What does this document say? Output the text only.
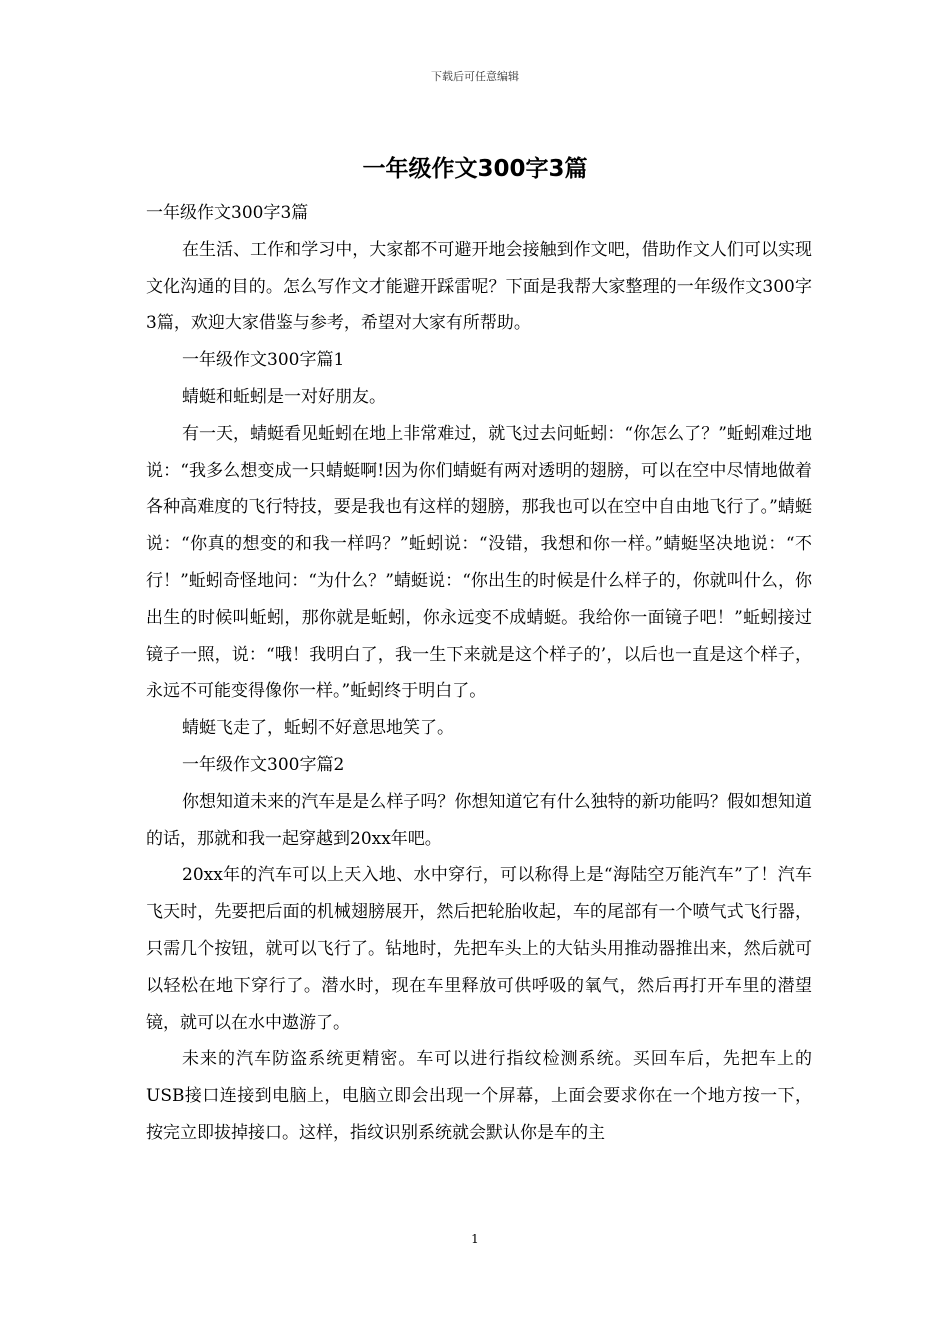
下载后可任意编辑
一年级作文300字3篇

一年级作文300字3篇

在生活、工作和学习中，大家都不可避开地会接触到作文吧，借助作文人们可以实现文化沟通的目的。怎么写作文才能避开踩雷呢？下面是我帮大家整理的一年级作文300字3篇，欢迎大家借鉴与参考，希望对大家有所帮助。

一年级作文300字篇1

蜻蜓和蚯蚓是一对好朋友。

有一天，蜻蜓看见蚯蚓在地上非常难过，就飞过去问蚯蚓：“你怎么了？”蚯蚓难过地说：“我多么想变成一只蜻蜓啊!因为你们蜻蜓有两对透明的翅膀，可以在空中尽情地做着各种高难度的飞行特技，要是我也有这样的翅膀，那我也可以在空中自由地飞行了。”蜻蜓说：“你真的想变的和我一样吗？”蚯蚓说：“没错，我想和你一样。”蜻蜓坚决地说：“不行！”蚯蚓奇怪地问：“为什么？”蜻蜓说：“你出生的时候是什么样子的，你就叫什么，你出生的时候叫蚯蚓，那你就是蚯蚓，你永远变不成蜻蜓。我给你一面镜子吧！”蚯蚓接过镜子一照，说：“哦！我明白了，我一生下来就是这个样子的’，以后也一直是这个样子，永远不可能变得像你一样。”蚯蚓终于明白了。

蜻蜓飞走了，蚯蚓不好意思地笑了。

一年级作文300字篇2

你想知道未来的汽车是是么样子吗？你想知道它有什么独特的新功能吗？假如想知道的话，那就和我一起穿越到20xx年吧。

20xx年的汽车可以上天入地、水中穿行，可以称得上是“海陆空万能汽车”了！汽车飞天时，先要把后面的机械翅膀展开，然后把轮胎收起，车的尾部有一个喷气式飞行器，只需几个按钮，就可以飞行了。钻地时，先把车头上的大钻头用推动器推出来，然后就可以轻松在地下穿行了。潜水时，现在车里释放可供呼吸的氧气，然后再打开车里的潜望镜，就可以在水中遨游了。

未来的汽车防盗系统更精密。车可以进行指纹检测系统。买回车后，先把车上的USB接口连接到电脑上，电脑立即会出现一个屏幕，上面会要求你在一个地方按一下，按完立即拔掉接口。这样，指纹识别系统就会默认你是车的主

1
